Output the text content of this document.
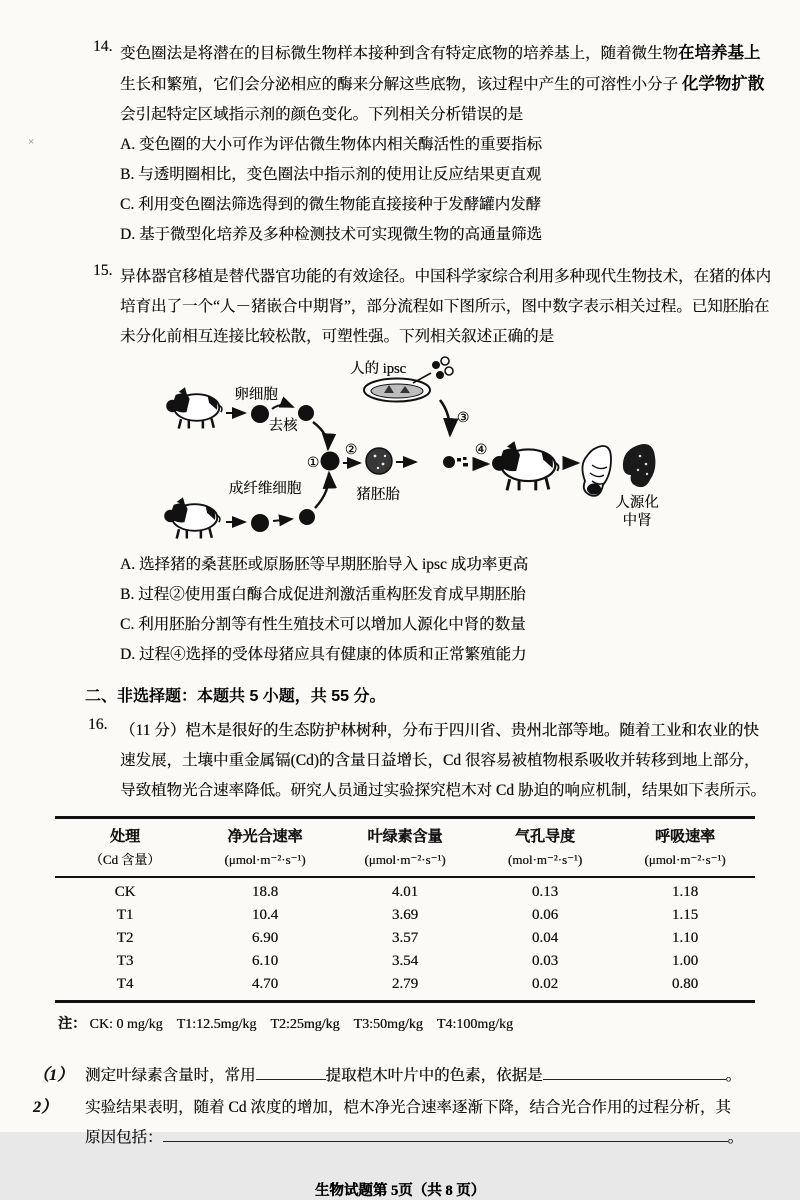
×
14. 变色圈法是将潜在的目标微生物样本接种到含有特定底物的培养基上，随着微生物在培养基上
生长和繁殖，它们会分泌相应的酶来分解这些底物，该过程中产生的可溶性小分子 化学物扩散
会引起特定区域指示剂的颜色变化。下列相关分析错误的是
A. 变色圈的大小可作为评估微生物体内相关酶活性的重要指标
B. 与透明圈相比，变色圈法中指示剂的使用让反应结果更直观
C. 利用变色圈法筛选得到的微生物能直接接种于发酵罐内发酵
D. 基于微型化培养及多种检测技术可实现微生物的高通量筛选
15. 异体器官移植是替代器官功能的有效途径。中国科学家综合利用多种现代生物技术，在猪的体内
培育出了一个“人－猪嵌合中期肾”，部分流程如下图所示，图中数字表示相关过程。已知胚胎在
未分化前相互连接比较松散，可塑性强。下列相关叙述正确的是
卵细胞
去核
成纤维细胞
①
②
猪胚胎
人的 ipsc
③
④
人源化
中肾
A. 选择猪的桑葚胚或原肠胚等早期胚胎导入 ipsc 成功率更高
B. 过程②使用蛋白酶合成促进剂激活重构胚发育成早期胚胎
C. 利用胚胎分割等有性生殖技术可以增加人源化中肾的数量
D. 过程④选择的受体母猪应具有健康的体质和正常繁殖能力
二、非选择题：本题共 5 小题，共 55 分。
16. （11 分）桤木是很好的生态防护林树种，分布于四川省、贵州北部等地。随着工业和农业的快
速发展，土壤中重金属镉(Cd)的含量日益增长，Cd 很容易被植物根系吸收并转移到地上部分，
导致植物光合速率降低。研究人员通过实验探究桤木对 Cd 胁迫的响应机制，结果如下表所示。
处理	净光合速率	叶绿素含量	气孔导度	呼吸速率
（Cd 含量）	(μmol·m⁻²·s⁻¹)	(μmol·m⁻²·s⁻¹)	(mol·m⁻²·s⁻¹)	(μmol·m⁻²·s⁻¹)
CK	18.8	4.01	0.13	1.18
T1	10.4	3.69	0.06	1.15
T2	6.90	3.57	0.04	1.10
T3	6.10	3.54	0.03	1.00
T4	4.70	2.79	0.02	0.80
注： CK: 0 mg/kg　T1:12.5mg/kg　T2:25mg/kg　T3:50mg/kg　T4:100mg/kg
（1） 测定叶绿素含量时，常用	提取桤木叶片中的色素，依据是	。
2） 实验结果表明，随着 Cd 浓度的增加，桤木净光合速率逐渐下降，结合光合作用的过程分析，其
原因包括：	。
生物试题第 5页（共 8 页）
